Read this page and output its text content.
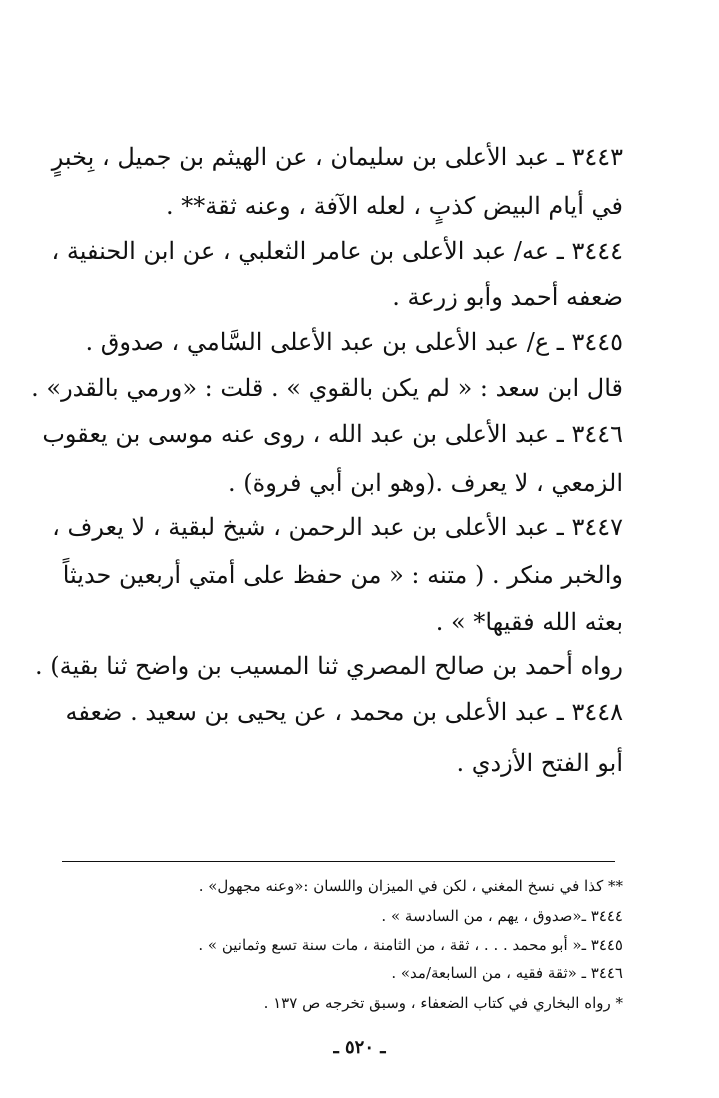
٣٤٤٣ ـ عبد الأعلى بن سليمان ، عن الهيثم بن جميل ، بِخبرٍ
في أيام البيض كذبٍ ، لعله الآفة ، وعنه ثقة** .
٣٤٤٤ ـ عه/ عبد الأعلى بن عامر الثعلبي ، عن ابن الحنفية ،
ضعفه أحمد وأبو زرعة .
٣٤٤٥ ـ ع/ عبد الأعلى بن عبد الأعلى السَّامي ، صدوق .
قال ابن سعد : « لم يكن بالقوي » . قلت : «ورمي بالقدر» .
٣٤٤٦ ـ عبد الأعلى بن عبد الله ، روى عنه موسى بن يعقوب
الزمعي ، لا يعرف .(وهو ابن أبي فروة) .
٣٤٤٧ ـ عبد الأعلى بن عبد الرحمن ، شيخ لبقية ، لا يعرف ،
والخبر منكر . ( متنه : « من حفظ على أمتي أربعين حديثاً
بعثه الله فقيها* » .
رواه أحمد بن صالح المصري ثنا المسيب بن واضح ثنا بقية) .
٣٤٤٨ ـ عبد الأعلى بن محمد ، عن يحيى بن سعيد . ضعفه
أبو الفتح الأزدي .
** كذا في نسخ المغني ، لكن في الميزان واللسان :«وعنه مجهول» .
٣٤٤٤ ـ«صدوق ، يهم ، من السادسة » .
٣٤٤٥ ـ« أبو محمد . . . ، ثقة ، من الثامنة ، مات سنة تسع وثمانين » .
٣٤٤٦ ـ «ثقة فقيه ، من السابعة/مد» .
* رواه البخاري في كتاب الضعفاء ، وسبق تخرجه ص ١٣٧ .
ـ ٥٢٠ ـ
